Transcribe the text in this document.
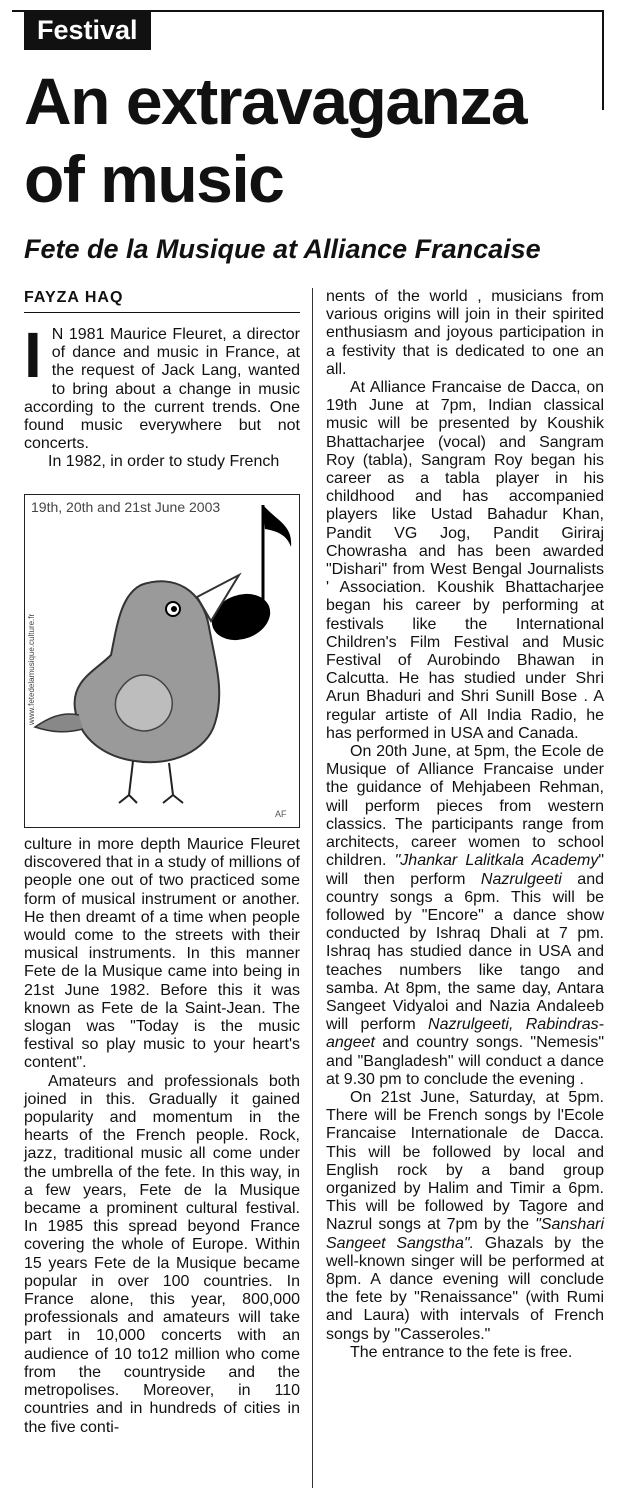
Festival
An extravaganza
of music
Fete de la Musique at Alliance Francaise
FAYZA HAQ

I N 1981 Maurice Fleuret, a director of dance and music in France, at the request of Jack Lang, wanted to bring about a change in music according to the current trends. One found music everywhere but not concerts.

In 1982, in order to study French

19th, 20th and 21st June 2003
www.fetedelamusique.culture.fr
AF

culture in more depth Maurice Fleuret discovered that in a study of millions of people one out of two practiced some form of musical instrument or another. He then dreamt of a time when people would come to the streets with their musical instruments. In this manner Fete de la Musique came into being in 21st June 1982. Before this it was known as Fete de la Saint-Jean. The slogan was "Today is the music festival so play music to your heart's content".

Amateurs and professionals both joined in this. Gradually it gained popularity and momentum in the hearts of the French people. Rock, jazz, traditional music all come under the umbrella of the fete. In this way, in a few years, Fete de la Musique became a prominent cultural festival. In 1985 this spread beyond France covering the whole of Europe. Within 15 years Fete de la Musique became popular in over 100 countries. In France alone, this year, 800,000 professionals and amateurs will take part in 10,000 concerts with an audience of 10 to12 million who come from the countryside and the metropolises. Moreover, in 110 countries and in hundreds of cities in the five conti-

nents of the world , musicians from various origins will join in their spirited enthusiasm and joyous participation in a festivity that is dedicated to one an all.

At Alliance Francaise de Dacca, on 19th June at 7pm, Indian classical music will be presented by Koushik Bhattacharjee (vocal) and Sangram Roy (tabla), Sangram Roy began his career as a tabla player in his childhood and has accompanied players like Ustad Bahadur Khan, Pandit VG Jog, Pandit Giriraj Chowrasha and has been awarded "Dishari" from West Bengal Journalists ' Association. Koushik Bhattacharjee began his career by performing at festivals like the International Children's Film Festival and Music Festival of Aurobindo Bhawan in Calcutta. He has studied under Shri Arun Bhaduri and Shri Sunill Bose . A regular artiste of All India Radio, he has performed in USA and Canada.

On 20th June, at 5pm, the Ecole de Musique of Alliance Francaise under the guidance of Mehjabeen Rehman, will perform pieces from western classics. The participants range from architects, career women to school children. "Jhankar Lalitkala Academy" will then perform Nazrulgeeti and country songs a 6pm. This will be followed by "Encore" a dance show conducted by Ishraq Dhali at 7 pm. Ishraq has studied dance in USA and teaches numbers like tango and samba. At 8pm, the same day, Antara Sangeet Vidyaloi and Nazia Andaleeb will perform Nazrulgeeti, Rabindras-angeet and country songs. "Nemesis" and "Bangladesh" will conduct a dance at 9.30 pm to conclude the evening .

On 21st June, Saturday, at 5pm. There will be French songs by l'Ecole Francaise Internationale de Dacca. This will be followed by local and English rock by a band group organized by Halim and Timir a 6pm. This will be followed by Tagore and Nazrul songs at 7pm by the "Sanshari Sangeet Sangstha". Ghazals by the well-known singer will be performed at 8pm. A dance evening will conclude the fete by "Renaissance" (with Rumi and Laura) with intervals of French songs by "Casseroles."

The entrance to the fete is free.
